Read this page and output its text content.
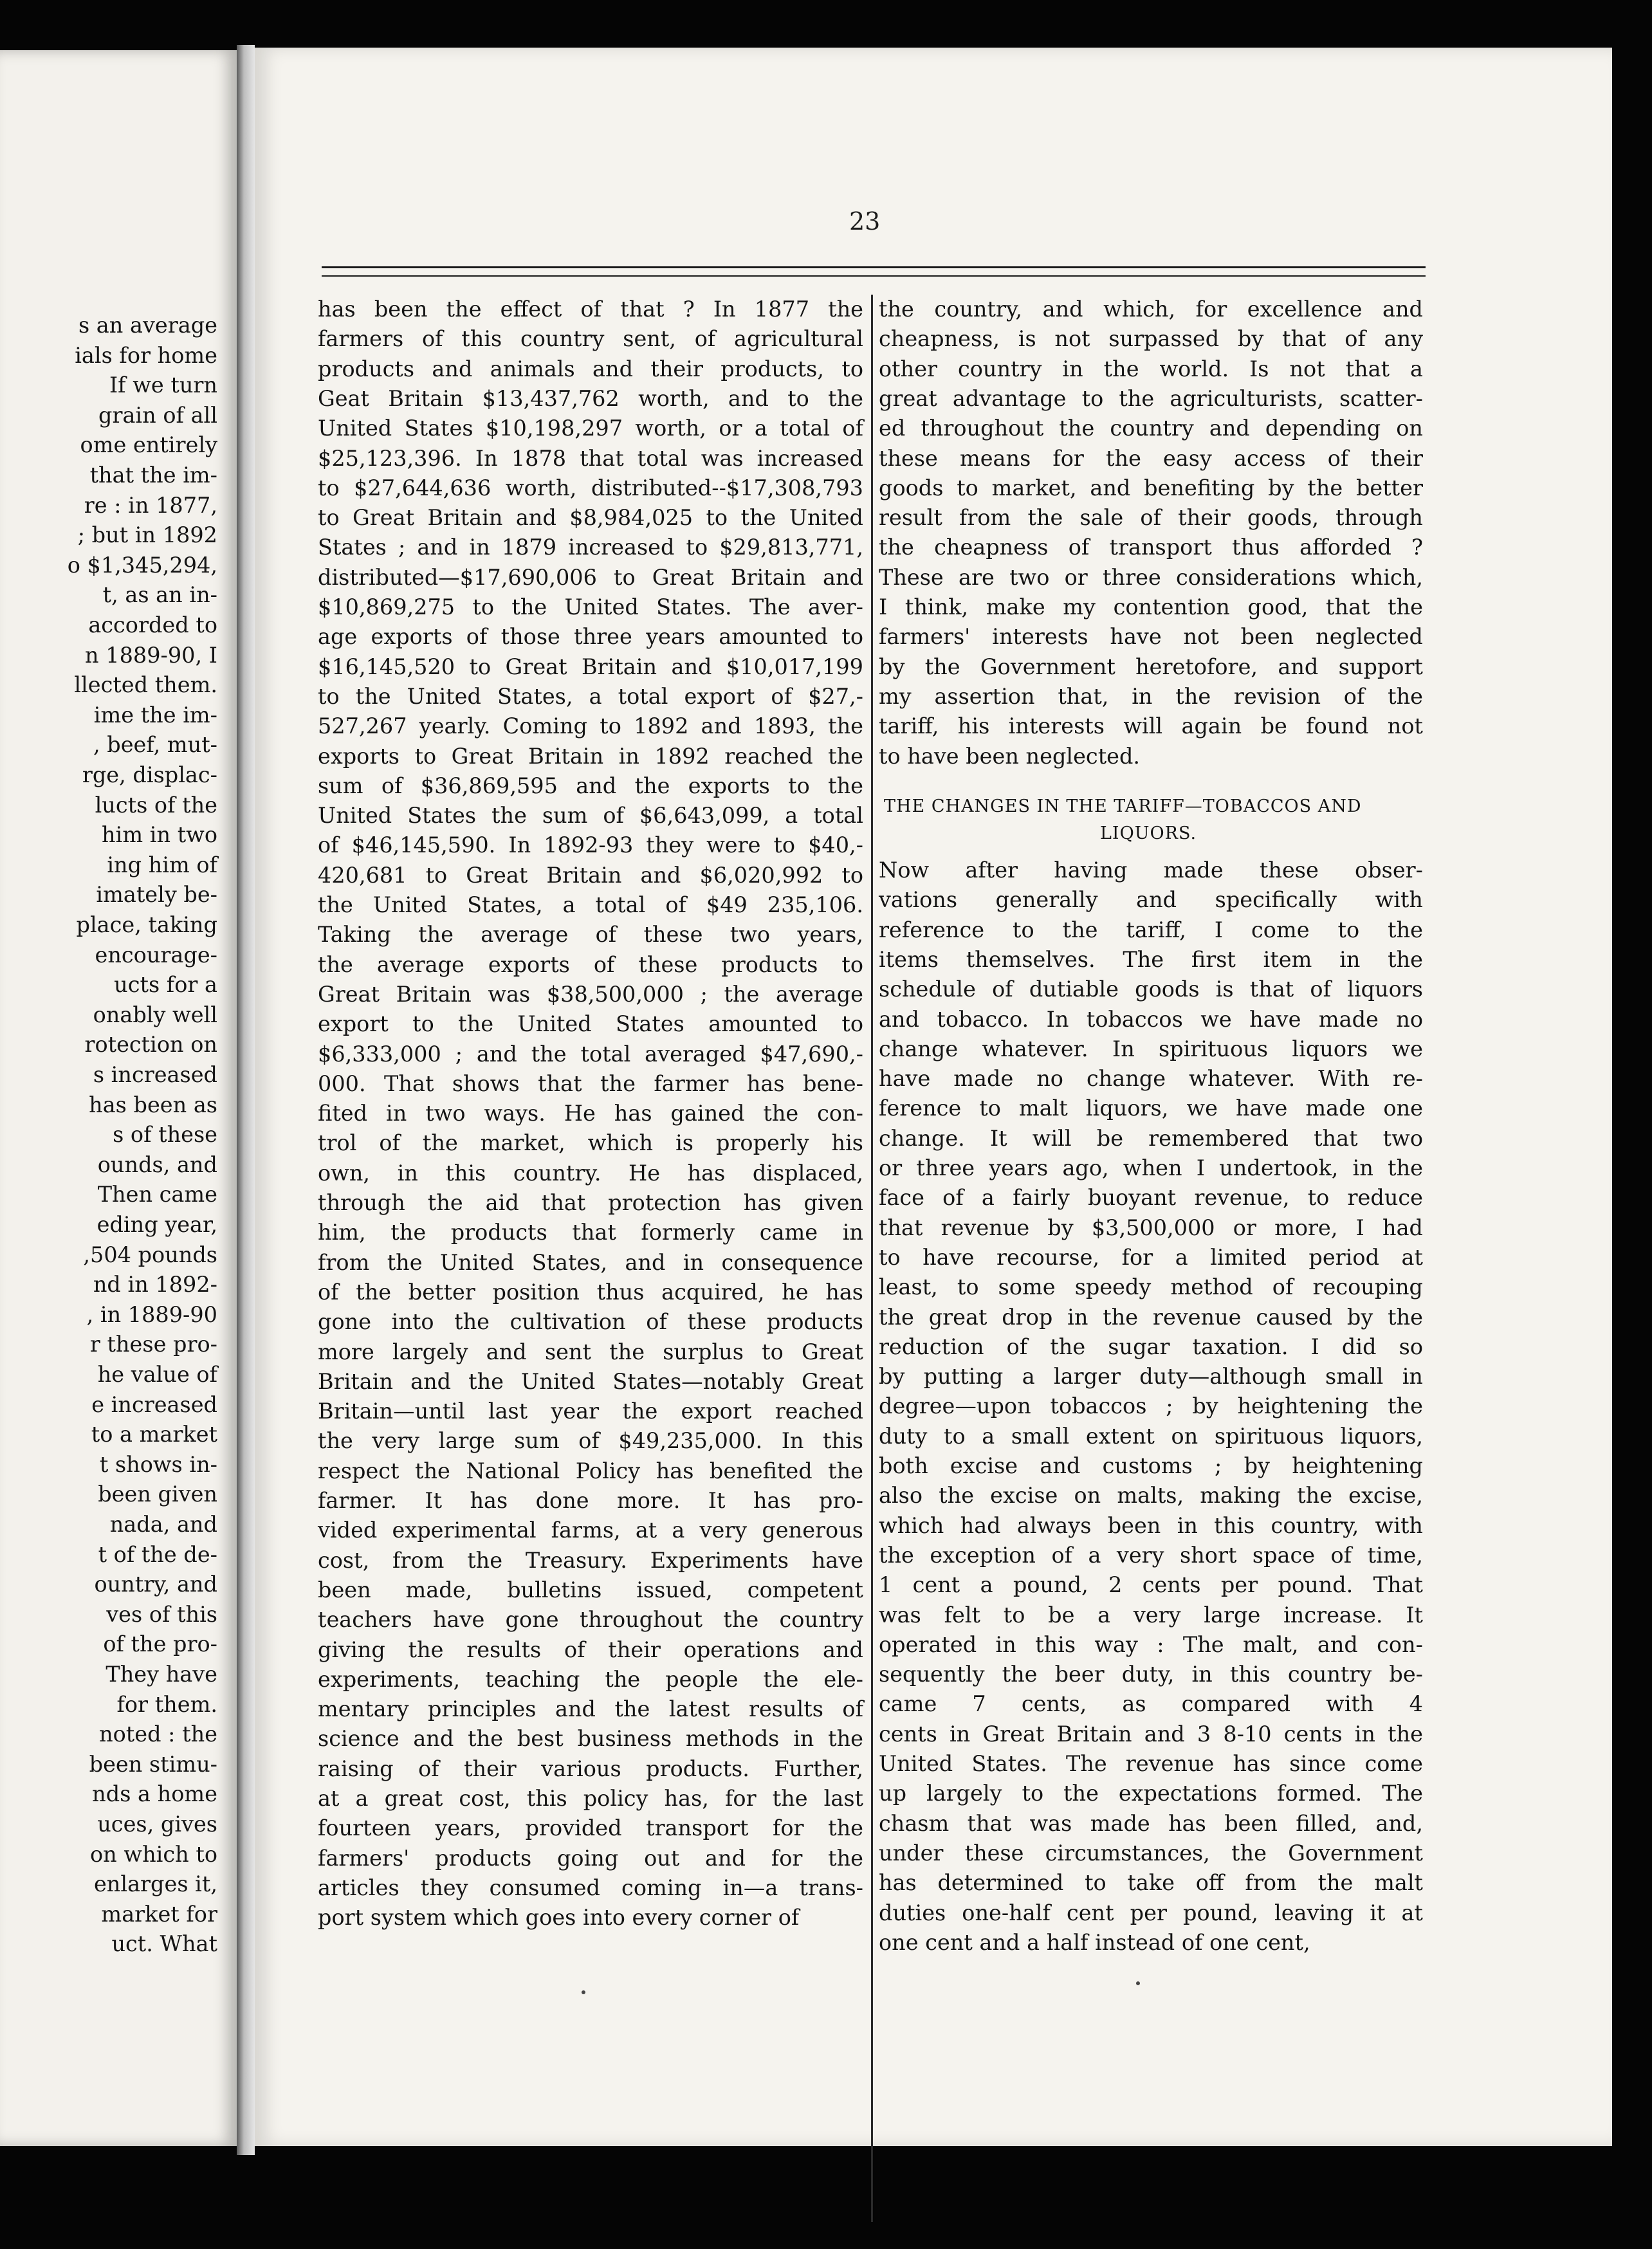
s an average
ials for home
If we turn
grain of all
ome entirely
that the im-
re : in 1877,
; but in 1892
o $1,345,294,
t, as an in-
accorded to
n 1889-90, I
llected them.
ime the im-
, beef, mut-
rge, displac-
lucts of the
him in two
ing him of
imately be-
place, taking
encourage-
ucts for a
onably well
rotection on
s increased
has been as
s of these
ounds, and
Then came
eding year,
,504 pounds
nd in 1892-
, in 1889-90
r these pro-
he value of
e increased
to a market
t shows in-
been given
nada, and
t of the de-
ountry, and
ves of this
of the pro-
They have
for them.
noted : the
been stimu-
nds a home
uces, gives
on which to
enlarges it,
market for
uct. What
23
has been the effect of that ? In 1877 the
farmers of this country sent, of agricultural
products and animals and their products, to
Geat Britain $13,437,762 worth, and to the
United States $10,198,297 worth, or a total of
$25,123,396. In 1878 that total was increased
to $27,644,636 worth, distributed--$17,308,793
to Great Britain and $8,984,025 to the United
States ; and in 1879 increased to $29,813,771,
distributed—$17,690,006 to Great Britain and
$10,869,275 to the United States. The aver-
age exports of those three years amounted to
$16,145,520 to Great Britain and $10,017,199
to the United States, a total export of $27,-
527,267 yearly. Coming to 1892 and 1893, the
exports to Great Britain in 1892 reached the
sum of $36,869,595 and the exports to the
United States the sum of $6,643,099, a total
of $46,145,590. In 1892-93 they were to $40,-
420,681 to Great Britain and $6,020,992 to
the United States, a total of $49 235,106.
Taking the average of these two years,
the average exports of these products to
Great Britain was $38,500,000 ; the average
export to the United States amounted to
$6,333,000 ; and the total averaged $47,690,-
000. That shows that the farmer has bene-
fited in two ways. He has gained the con-
trol of the market, which is properly his
own, in this country. He has displaced,
through the aid that protection has given
him, the products that formerly came in
from the United States, and in consequence
of the better position thus acquired, he has
gone into the cultivation of these products
more largely and sent the surplus to Great
Britain and the United States—notably Great
Britain—until last year the export reached
the very large sum of $49,235,000. In this
respect the National Policy has benefited the
farmer. It has done more. It has pro-
vided experimental farms, at a very generous
cost, from the Treasury. Experiments have
been made, bulletins issued, competent
teachers have gone throughout the country
giving the results of their operations and
experiments, teaching the people the ele-
mentary principles and the latest results of
science and the best business methods in the
raising of their various products. Further,
at a great cost, this policy has, for the last
fourteen years, provided transport for the
farmers' products going out and for the
articles they consumed coming in—a trans-
port system which goes into every corner of
the country, and which, for excellence and
cheapness, is not surpassed by that of any
other country in the world. Is not that a
great advantage to the agriculturists, scatter-
ed throughout the country and depending on
these means for the easy access of their
goods to market, and benefiting by the better
result from the sale of their goods, through
the cheapness of transport thus afforded ?
These are two or three considerations which,
I think, make my contention good, that the
farmers' interests have not been neglected
by the Government heretofore, and support
my assertion that, in the revision of the
tariff, his interests will again be found not
to have been neglected.
Now after having made these obser-
vations generally and specifically with
reference to the tariff, I come to the
items themselves. The first item in the
schedule of dutiable goods is that of liquors
and tobacco. In tobaccos we have made no
change whatever. In spirituous liquors we
have made no change whatever. With re-
ference to malt liquors, we have made one
change. It will be remembered that two
or three years ago, when I undertook, in the
face of a fairly buoyant revenue, to reduce
that revenue by $3,500,000 or more, I had
to have recourse, for a limited period at
least, to some speedy method of recouping
the great drop in the revenue caused by the
reduction of the sugar taxation. I did so
by putting a larger duty—although small in
degree—upon tobaccos ; by heightening the
duty to a small extent on spirituous liquors,
both excise and customs ; by heightening
also the excise on malts, making the excise,
which had always been in this country, with
the exception of a very short space of time,
1 cent a pound, 2 cents per pound. That
was felt to be a very large increase. It
operated in this way : The malt, and con-
sequently the beer duty, in this country be-
came 7 cents, as compared with 4
cents in Great Britain and 3 8-10 cents in the
United States. The revenue has since come
up largely to the expectations formed. The
chasm that was made has been filled, and,
under these circumstances, the Government
has determined to take off from the malt
duties one-half cent per pound, leaving it at
one cent and a half instead of one cent,
THE CHANGES IN THE TARIFF—TOBACCOS AND
LIQUORS.
